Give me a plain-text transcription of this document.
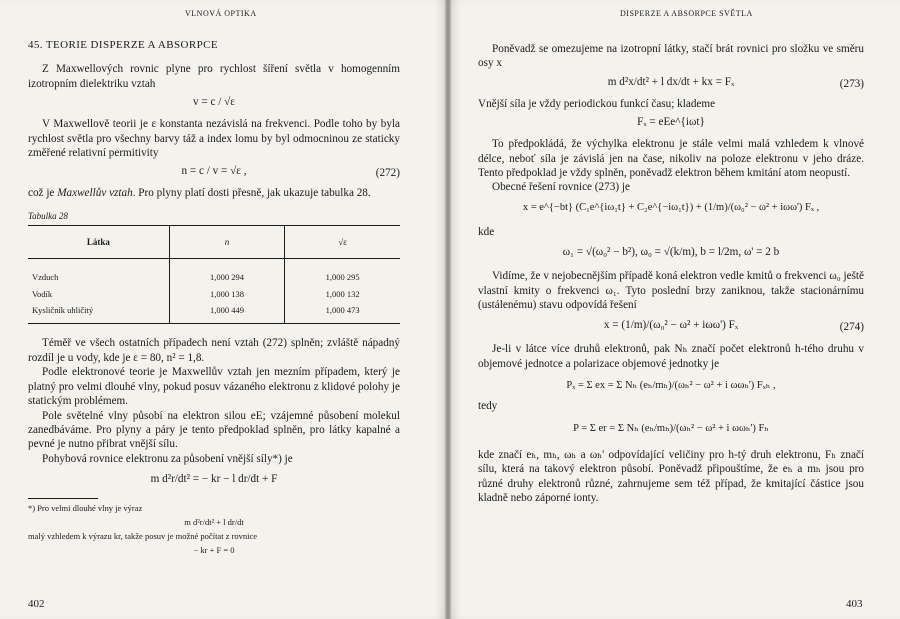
VLNOVÁ OPTIKA
45. TEORIE DISPERZE A ABSORPCE

Z Maxwellových rovnic plyne pro rychlost šíření světla v homogenním izotropním dielektriku vztah

v = c / √ε

V Maxwellově teorii je ε konstanta nezávislá na frekvenci. Podle toho by byla rychlost světla pro všechny barvy táž a index lomu by byl odmocninou ze staticky změřené relativní permitivity

n = c / v = √ε ,	(272)

což je Maxwellův vztah. Pro plyny platí dosti přesně, jak ukazuje tabulka 28.

Tabulka 28
Látka	n	√ε

Vzduch	1,000 294	1,000 295
Vodík	1,000 138	1,000 132
Kysličník uhličitý	1,000 449	1,000 473

Téměř ve všech ostatních případech není vztah (272) splněn; zvláště nápadný rozdíl je u vody, kde je ε = 80, n² = 1,8.

Podle elektronové teorie je Maxwellův vztah jen mezním případem, který je platný pro velmi dlouhé vlny, pokud posuv vázaného elektronu z klidové polohy je statickým problémem.

Pole světelné vlny působí na elektron silou eE; vzájemné působení molekul zanedbáváme. Pro plyny a páry je tento předpoklad splněn, pro látky kapalné a pevné je nutno přibrat vnější sílu.

Pohybová rovnice elektronu za působení vnější síly*) je

m d²r/dt² = − kr − l dr/dt + F
*) Pro velmi dlouhé vlny je výraz
m d²r/dt² + l dr/dt
malý vzhledem k výrazu kr, takže posuv je možné počítat z rovnice
− kr + F = 0
402
DISPERZE A ABSORPCE SVĚTLA

Poněvadž se omezujeme na izotropní látky, stačí brát rovnici pro složku ve směru osy x

m d²x/dt² + l dx/dt + kx = Fₓ	(273)

Vnější síla je vždy periodickou funkcí času; klademe

Fₓ = eEe^{iωt}

To předpokládá, že výchylka elektronu je stále velmi malá vzhledem k vlnové délce, neboť síla je závislá jen na čase, nikoliv na poloze elektronu v jeho dráze. Tento předpoklad je vždy splněn, poněvadž elektron během kmitání atom neopustí.

Obecné řešení rovnice (273) je

x = e^{−bt} (C₁e^{iω₁t} + C₂e^{−iω₁t}) + (1/m)/(ω₀² − ω² + iωω') Fₓ ,

kde

ω₁ = √(ω₀² − b²), ω₀ = √(k/m), b = l/2m, ω' = 2 b

Vidíme, že v nejobecnějším případě koná elektron vedle kmitů o frekvenci ω₀ ještě vlastní kmity o frekvenci ω₁. Tyto poslední brzy zaniknou, takže stacionárnímu (ustálenému) stavu odpovídá řešení

x = (1/m)/(ω₀² − ω² + iωω') Fₓ	(274)

Je-li v látce více druhů elektronů, pak Nₕ značí počet elektronů h-tého druhu v objemové jednotce a polarizace objemové jednotky je

Pₓ = Σ ex = Σ Nₕ (eₕ/mₕ)/(ωₕ² − ω² + i ωωₕ') Fₓₕ ,

tedy

P = Σ er = Σ Nₕ (eₕ/mₕ)/(ωₕ² − ω² + i ωωₕ') Fₕ

kde značí eₕ, mₕ, ωₕ a ωₕ' odpovídající veličiny pro h-tý druh elektronu, Fₕ značí sílu, která na takový elektron působí. Poněvadž připouštíme, že eₕ a mₕ jsou pro různé druhy elektronů různé, zahrnujeme sem též případ, že kmitající částice jsou kladně nebo záporné ionty.

403
